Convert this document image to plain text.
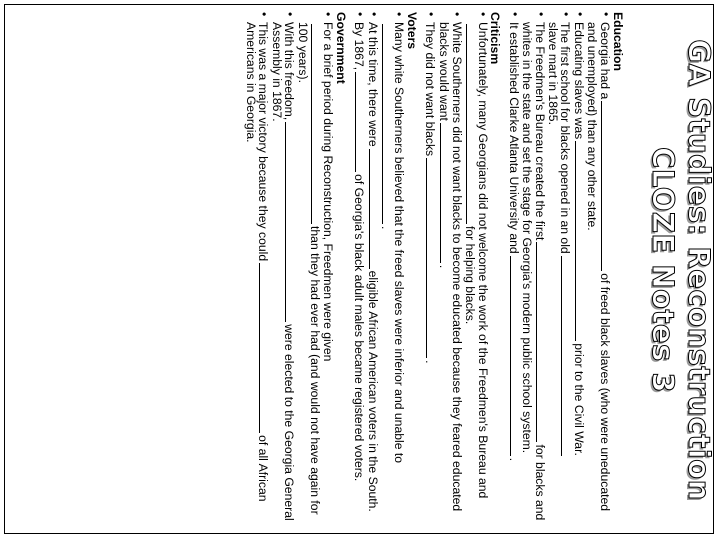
GA Studies: Reconstruction
CLOZE Notes 3

Education

• Georgia had aof freed black slaves (who were uneducated and unemployed) than any other state.
• Educating slaves wasprior to the Civil War.
• The first school for blacks opened in an old
slave mart in 1865.
• The Freedmen's Bureau created the firstfor blacks and whites in the state and set the stage for Georgia's modern public school system.
• It established Clarke Atlanta University and.

Criticism

• Unfortunately, many Georgians did not welcome the work of the Freedmen's Bureau andfor helping blacks.
• White Southerners did not want blacks to become educated because they feared educated blacks would want.
• They did not want blacks.

Voters

• Many white Southerners believed that the freed slaves were inferior and unable to.
• At this time, there wereeligible African American voters in the South.
• By 1867,of Georgia's black adult males became registered voters.

Government

• For a brief period during Reconstruction, Freedmen were giventhan they had ever had (and would not have again for 100 years).
• With this freedom,were elected to the Georgia General Assembly in 1867.
• This was a major victory because they couldof all African Americans in Georgia.
